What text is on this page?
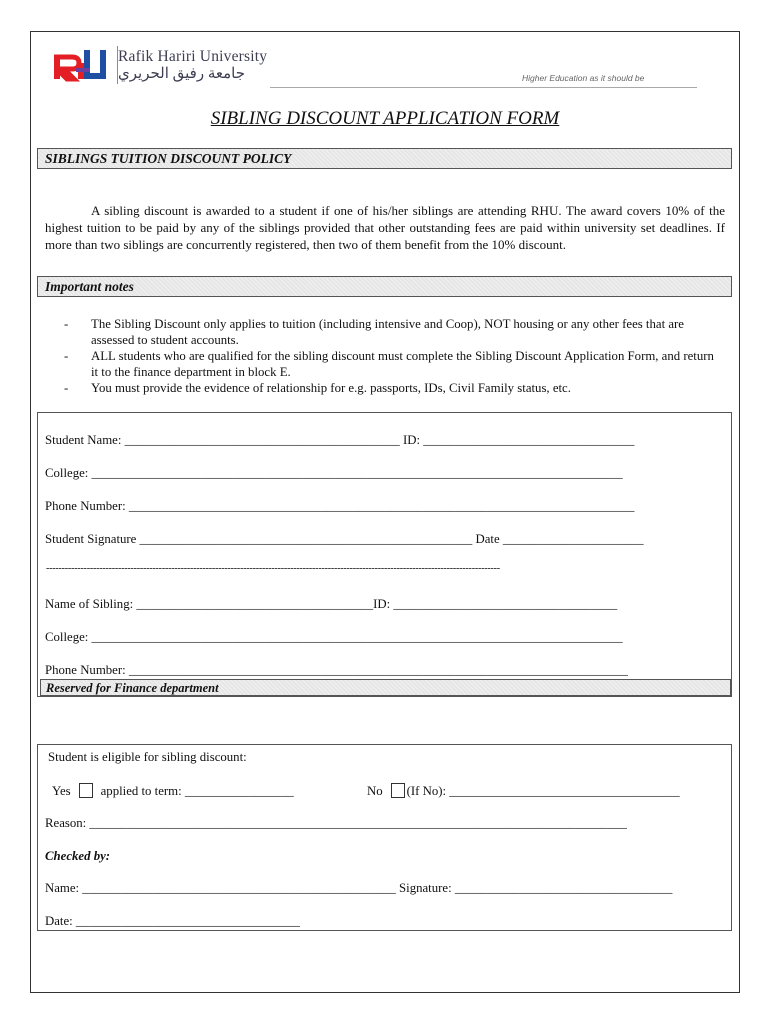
Rafik Hariri University
جامعة رفيق الحريري	Higher Education as it should be
SIBLING DISCOUNT APPLICATION FORM
SIBLINGS TUITION DISCOUNT POLICY
A sibling discount is awarded to a student if one of his/her siblings are attending RHU. The award covers 10% of the highest tuition to be paid by any of the siblings provided that other outstanding fees are paid within university set deadlines. If more than two siblings are concurrently registered, then two of them benefit from the 10% discount.
Important notes

- The Sibling Discount only applies to tuition (including intensive and Coop), NOT housing or any other fees that are assessed to student accounts.

- ALL students who are qualified for the sibling discount must complete the Sibling Discount Application Form, and return it to the finance department in block E.

- You must provide the evidence of relationship for e.g. passports, IDs, Civil Family status, etc.

Student Name: ___________________________________________ ID: _________________________________
College: ___________________________________________________________________________________
Phone Number: _______________________________________________________________________________
Student Signature ____________________________________________________ Date ______________________
-------------------------------------------------------------------------------------------------------------------------------------------------
Name of Sibling: _____________________________________ID: ___________________________________
College: ___________________________________________________________________________________
Phone Number: ______________________________________________________________________________
Reserved for Finance department
Student is eligible for sibling discount:
Yes applied to term: _________________	No (If No): ____________________________________
Reason: ____________________________________________________________________________________
Checked by:
Name: _________________________________________________ Signature: __________________________________
Date: ___________________________________
